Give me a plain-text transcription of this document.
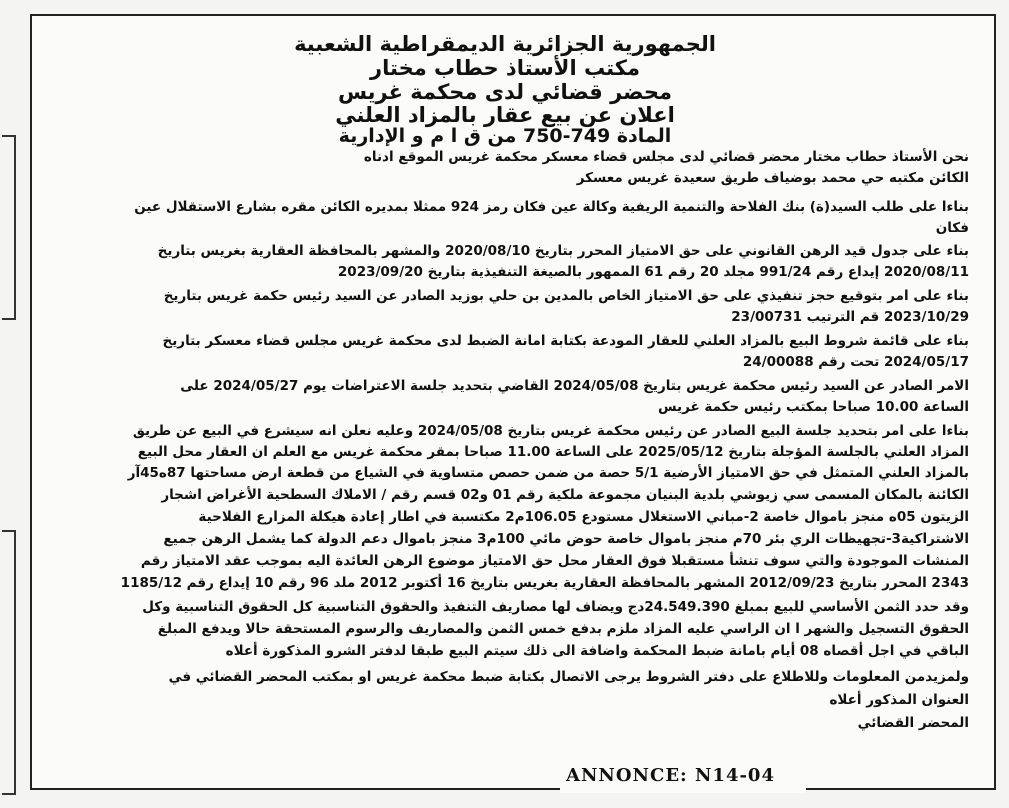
الجمهورية الجزائرية الديمقراطية الشعبية
مكتب الأستاذ حطاب مختار
محضر قضائي لدى محكمة غريس
اعلان عن بيع عقار بالمزاد العلني
المادة 749-750 من ق ا م و الإدارية
نحن الأستاذ حطاب مختار محضر قضائي لدى مجلس قضاء معسكر محكمة غريس الموقع ادناه
الكائن مكتبه حي محمد بوضياف طريق سعيدة غريس معسكر
بناءا على طلب السيد(ة) بنك الفلاحة والتنمية الريفية وكالة عين فكان رمز 924 ممثلا بمديره الكائن مقره بشارع الاستقلال عين
فكان
بناء على جدول قيد الرهن القانوني على حق الامتياز المحرر بتاريخ 2020/08/10 والمشهر بالمحافظة العقارية بغريس بتاريخ
2020/08/11 إيداع رقم 991/24 مجلد 20 رقم 61 الممهور بالصيغة التنفيذية بتاريخ 2023/09/20
بناء على امر بتوقيع حجز تنفيذي على حق الامتياز الخاص بالمدين بن حلي بوزيد الصادر عن السيد رئيس حكمة غريس بتاريخ
2023/10/29 قم الترتيب 23/00731
بناء على قائمة شروط البيع بالمزاد العلني للعقار المودعة بكتابة امانة الضبط لدى محكمة غريس مجلس قضاء معسكر بتاريخ
2024/05/17 تحت رقم 24/00088
الامر الصادر عن السيد رئيس محكمة غريس بتاريخ 2024/05/08 القاضي بتحديد جلسة الاعتراضات يوم 2024/05/27 على
الساعة 10.00 صباحا بمكتب رئيس حكمة غريس
بناءا على امر بتحديد جلسة البيع الصادر عن رئيس محكمة غريس بتاريخ 2024/05/08 وعليه نعلن انه سيشرع في البيع عن طريق
المزاد العلني بالجلسة المؤجلة بتاريخ 2025/05/12 على الساعة 11.00 صباحا بمقر محكمة غريس مع العلم ان العقار محل البيع
بالمزاد العلني المتمثل في حق الامتياز الأرضية 5/1 حصة من ضمن حصص متساوية في الشياع من قطعة ارض مساحتها 87ه45آر
الكائنة بالمكان المسمى سي زيوشي بلدية البنيان مجموعة ملكية رقم 01 و02 قسم رقم / الاملاك السطحية الأغراض اشجار
الزيتون 05ه منجز باموال خاصة 2-مباني الاستغلال مستودع 106.05م2 مكتسبة في اطار إعادة هيكلة المزارع الفلاحية
الاشتراكية3-تجهيظات الري بئر 70م منجز باموال خاصة حوض مائي 100م3 منجز باموال دعم الدولة كما يشمل الرهن جميع
المنشات الموجودة والتي سوف تنشأ مستقبلا فوق العقار محل حق الامتياز موضوع الرهن العائدة اليه بموجب عقد الامتياز رقم
2343 المحرر بتاريخ 2012/09/23 المشهر بالمحافظة العقارية بغريس بتاريخ 16 أكتوبر 2012 ملد 96 رقم 10 إيداع رقم 1185/12
وقد حدد الثمن الأساسي للبيع بمبلغ 24.549.390دج ويضاف لها مصاريف التنفيذ والحقوق التناسبية كل الحقوق التناسبية وكل
الحقوق التسجيل والشهر ا ان الراسي عليه المزاد ملزم بدفع خمس الثمن والمصاريف والرسوم المستحقة حالا ويدفع المبلغ
الباقي في اجل أقصاه 08 أيام بامانة ضبط المحكمة واضافة الى ذلك سيتم البيع طبقا لدفتر الشرو المذكورة أعلاه
ولمزيدمن المعلومات وللاطلاع على دفتر الشروط يرجى الاتصال بكتابة ضبط محكمة غريس او بمكتب المحضر القضائي في
العنوان المذكور أعلاه
المحضر القضائي
ANNONCE: N14-04
